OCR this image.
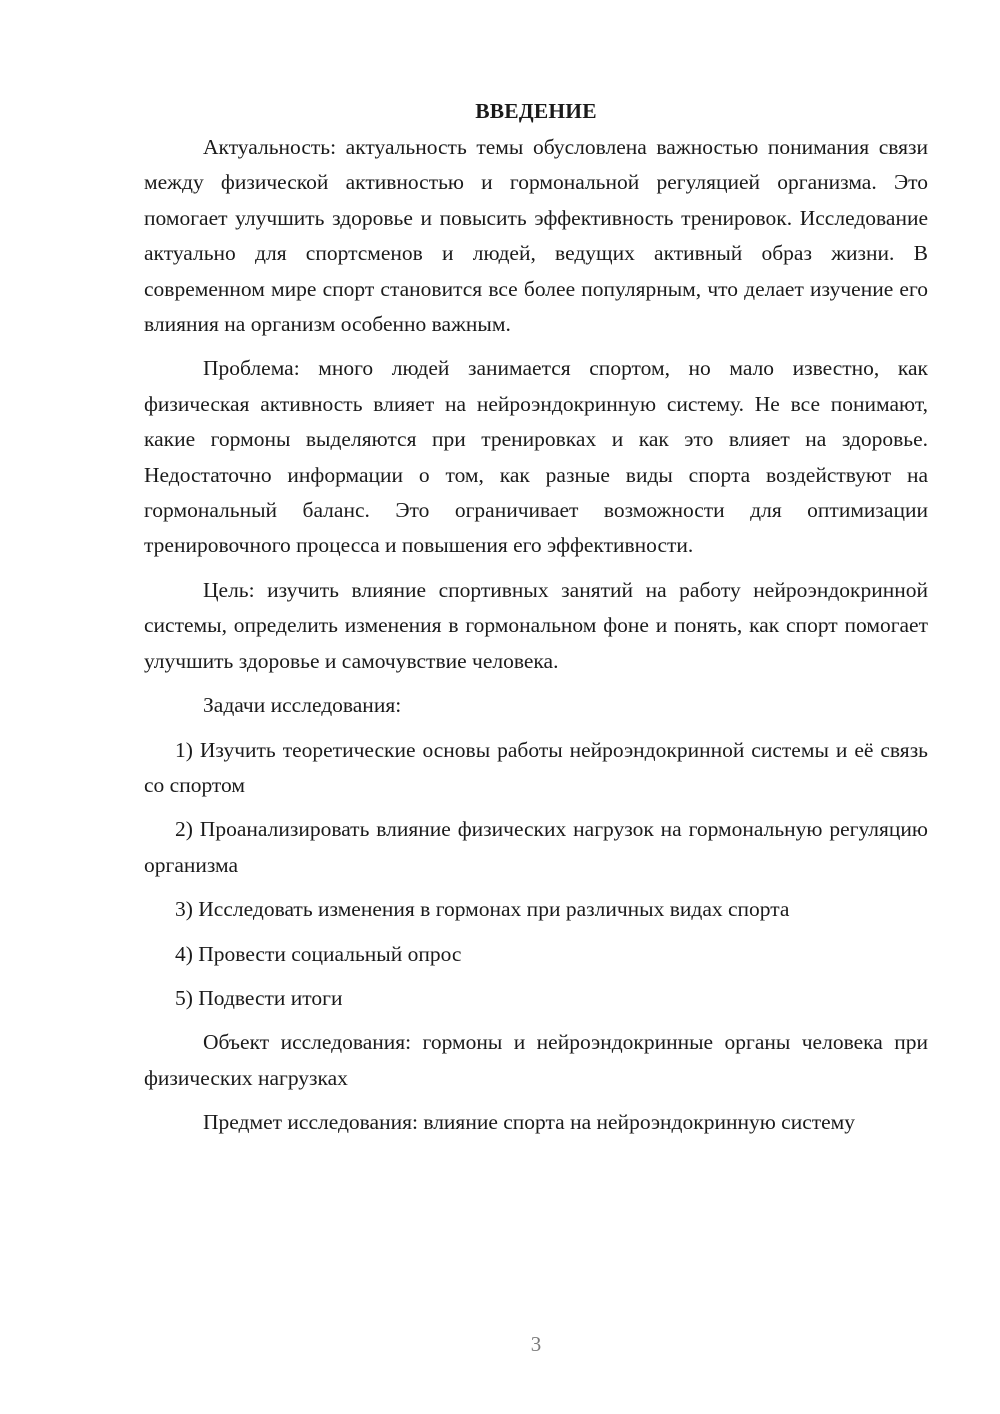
ВВЕДЕНИЕ

Актуальность: актуальность темы обусловлена важностью понимания связи между физической активностью и гормональной регуляцией организма. Это помогает улучшить здоровье и повысить эффективность тренировок. Исследование актуально для спортсменов и людей, ведущих активный образ жизни. В современном мире спорт становится все более популярным, что делает изучение его влияния на организм особенно важным.

Проблема: много людей занимается спортом, но мало известно, как физическая активность влияет на нейроэндокринную систему. Не все понимают, какие гормоны выделяются при тренировках и как это влияет на здоровье. Недостаточно информации о том, как разные виды спорта воздействуют на гормональный баланс. Это ограничивает возможности для оптимизации тренировочного процесса и повышения его эффективности.

Цель: изучить влияние спортивных занятий на работу нейроэндокринной системы, определить изменения в гормональном фоне и понять, как спорт помогает улучшить здоровье и самочувствие человека.

Задачи исследования:

1) Изучить теоретические основы работы нейроэндокринной системы и её связь со спортом

2) Проанализировать влияние физических нагрузок на гормональную регуляцию организма

3) Исследовать изменения в гормонах при различных видах спорта

4) Провести социальный опрос

5) Подвести итоги

Объект исследования: гормоны и нейроэндокринные органы человека при физических нагрузках

Предмет исследования: влияние спорта на нейроэндокринную систему

3
